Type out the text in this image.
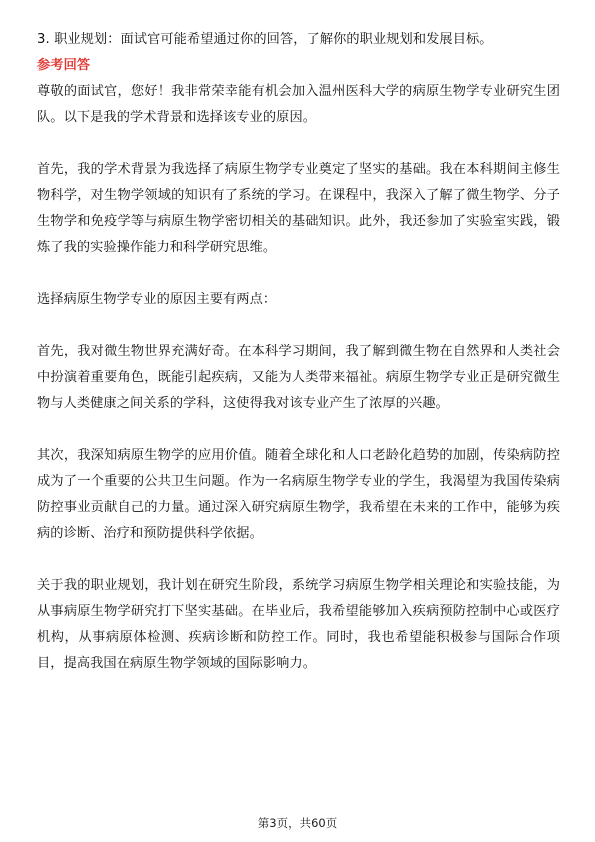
3. 职业规划：面试官可能希望通过你的回答，了解你的职业规划和发展目标。

参考回答

尊敬的面试官，您好！我非常荣幸能有机会加入温州医科大学的病原生物学专业研究生团队。以下是我的学术背景和选择该专业的原因。

首先，我的学术背景为我选择了病原生物学专业奠定了坚实的基础。我在本科期间主修生物科学，对生物学领域的知识有了系统的学习。在课程中，我深入了解了微生物学、分子生物学和免疫学等与病原生物学密切相关的基础知识。此外，我还参加了实验室实践，锻炼了我的实验操作能力和科学研究思维。

选择病原生物学专业的原因主要有两点：

首先，我对微生物世界充满好奇。在本科学习期间，我了解到微生物在自然界和人类社会中扮演着重要角色，既能引起疾病，又能为人类带来福祉。病原生物学专业正是研究微生物与人类健康之间关系的学科，这使得我对该专业产生了浓厚的兴趣。

其次，我深知病原生物学的应用价值。随着全球化和人口老龄化趋势的加剧，传染病防控成为了一个重要的公共卫生问题。作为一名病原生物学专业的学生，我渴望为我国传染病防控事业贡献自己的力量。通过深入研究病原生物学，我希望在未来的工作中，能够为疾病的诊断、治疗和预防提供科学依据。

关于我的职业规划，我计划在研究生阶段，系统学习病原生物学相关理论和实验技能，为从事病原生物学研究打下坚实基础。在毕业后，我希望能够加入疾病预防控制中心或医疗机构，从事病原体检测、疾病诊断和防控工作。同时，我也希望能积极参与国际合作项目，提高我国在病原生物学领域的国际影响力。

第3页，共60页
